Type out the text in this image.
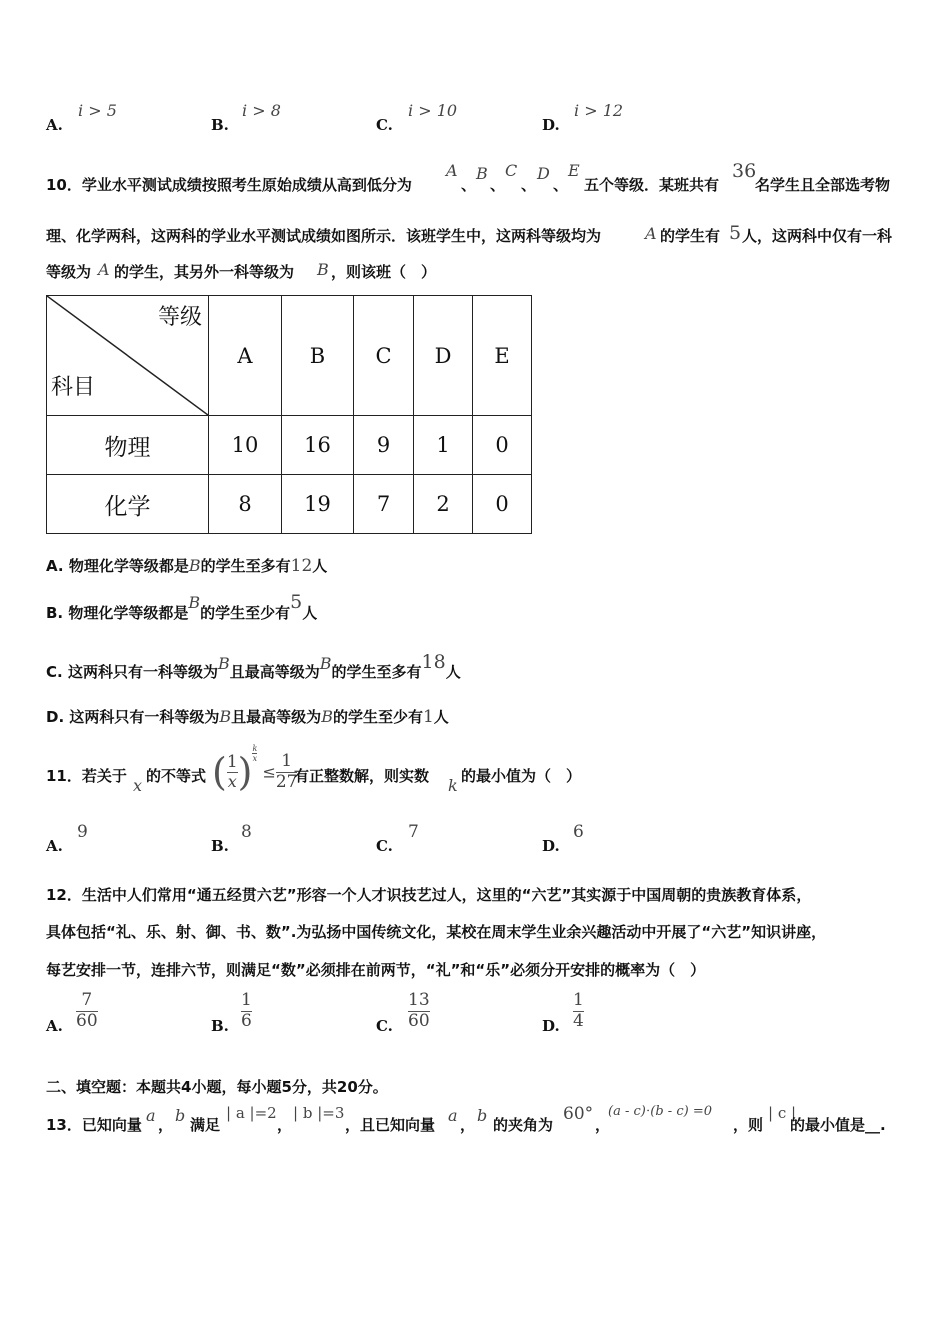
A.
i > 5
B.
i > 8
C.
i > 10
D.
i > 12
10．学业水平测试成绩按照考生原始成绩从高到低分为
A
、
B
、
C
、
D
、
E
五个等级．某班共有
36
名学生且全部选考物
理、化学两科，这两科的学业水平测试成绩如图所示．该班学生中，这两科等级均为	A 的学生有 5 人，这两科中仅有一科
等级为 A 的学生，其另外一科等级为 B ，则该班（　）
等级
科目	A	B	C	D	E
物理	10	16	9	1	0
化学	8	19	7	2	0
A. 物理化学等级都是B的学生至多有12人
B. 物理化学等级都是B的学生至少有5人
C. 这两科只有一科等级为B且最高等级为B的学生至多有18人
D. 这两科只有一科等级为B且最高等级为B的学生至少有1人
11．若关于 x 的不等式 ( $\frac{1}{x}$ ) $\frac{k}{x}$
≤ $\frac{1}{27}$
有正整数解，则实数 k 的最小值为（　）
A.
9
B.
8
C.
7
D.
6
12．生活中人们常用“通五经贯六艺”形容一个人才识技艺过人，这里的“六艺”其实源于中国周朝的贵族教育体系，
具体包括“礼、乐、射、御、书、数”.为弘扬中国传统文化，某校在周末学生业余兴趣活动中开展了“六艺”知识讲座，
每艺安排一节，连排六节，则满足“数”必须排在前两节，“礼”和“乐”必须分开安排的概率为（　）
A. $\frac{7}{60}$	B. $\frac{1}{6}$	C. $\frac{13}{60}$	D. $\frac{1}{4}$
二、填空题：本题共4小题，每小题5分，共20分。
13．已知向量 a ， b 满足
| a |=2
，
| b |=3
，且已知向量 a ， b 的夹角为
60°
，
(a - c)⋅(b - c) =0
，则
| c |
的最小值是__.
